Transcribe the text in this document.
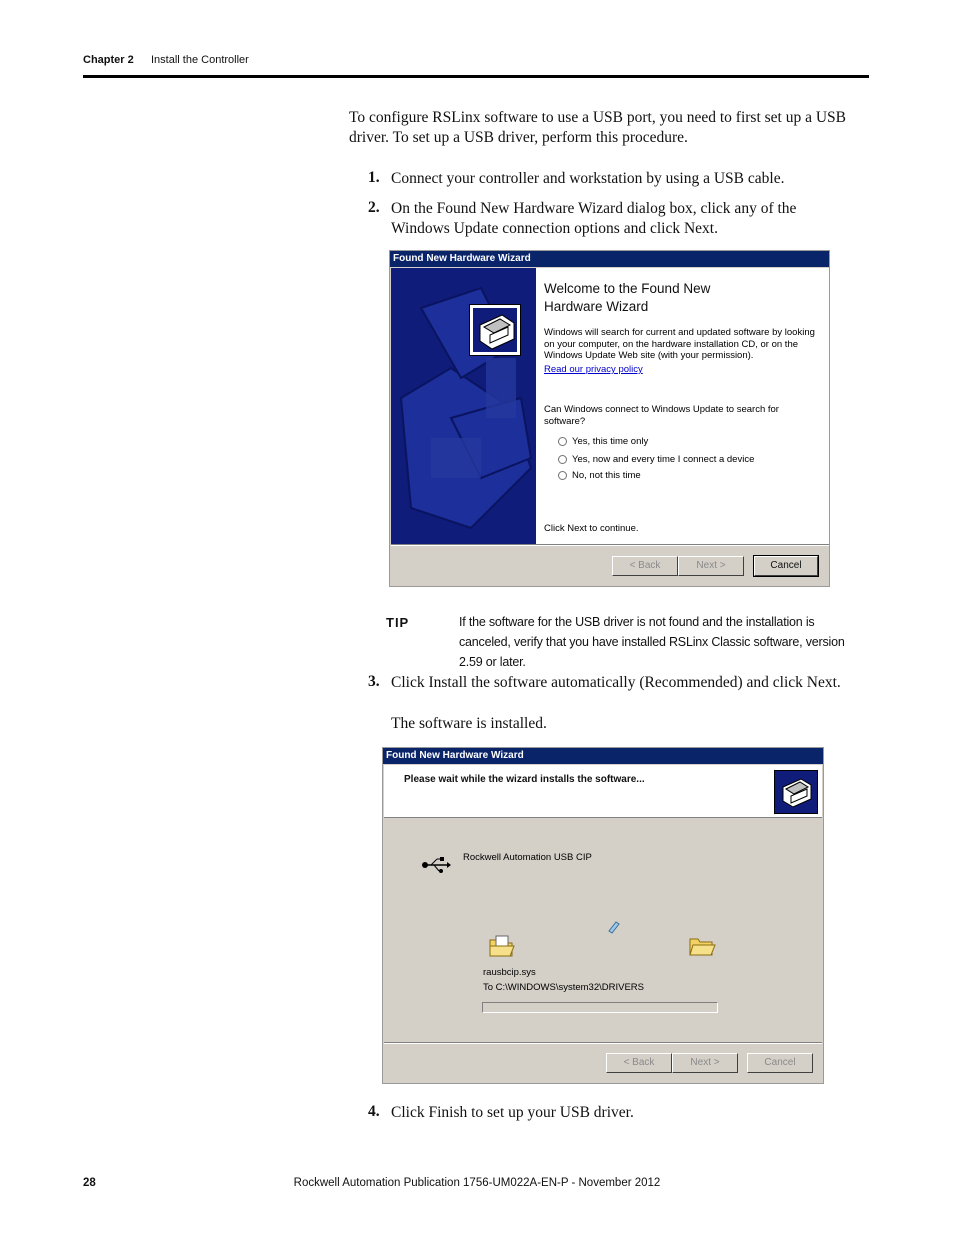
Chapter 2 Install the Controller
To configure RSLinx software to use a USB port, you need to first set up a USB driver. To set up a USB driver, perform this procedure.
1. Connect your controller and workstation by using a USB cable.
2. On the Found New Hardware Wizard dialog box, click any of the Windows Update connection options and click Next.
Found New Hardware Wizard
Welcome to the Found New Hardware Wizard
Windows will search for current and updated software by looking on your computer, on the hardware installation CD, or on the Windows Update Web site (with your permission).
Read our privacy policy
Can Windows connect to Windows Update to search for software?
Yes, this time only
Yes, now and every time I connect a device
No, not this time
Click Next to continue.
< Back	Next >	Cancel
TIP	If the software for the USB driver is not found and the installation is canceled, verify that you have installed RSLinx Classic software, version 2.59 or later.
3. Click Install the software automatically (Recommended) and click Next.
The software is installed.
Found New Hardware Wizard
Please wait while the wizard installs the software...
Rockwell Automation USB CIP
rausbcip.sys
To C:\WINDOWS\system32\DRIVERS
< Back	Next >	Cancel
4. Click Finish to set up your USB driver.
28	Rockwell Automation Publication 1756-UM022A-EN-P - November 2012
